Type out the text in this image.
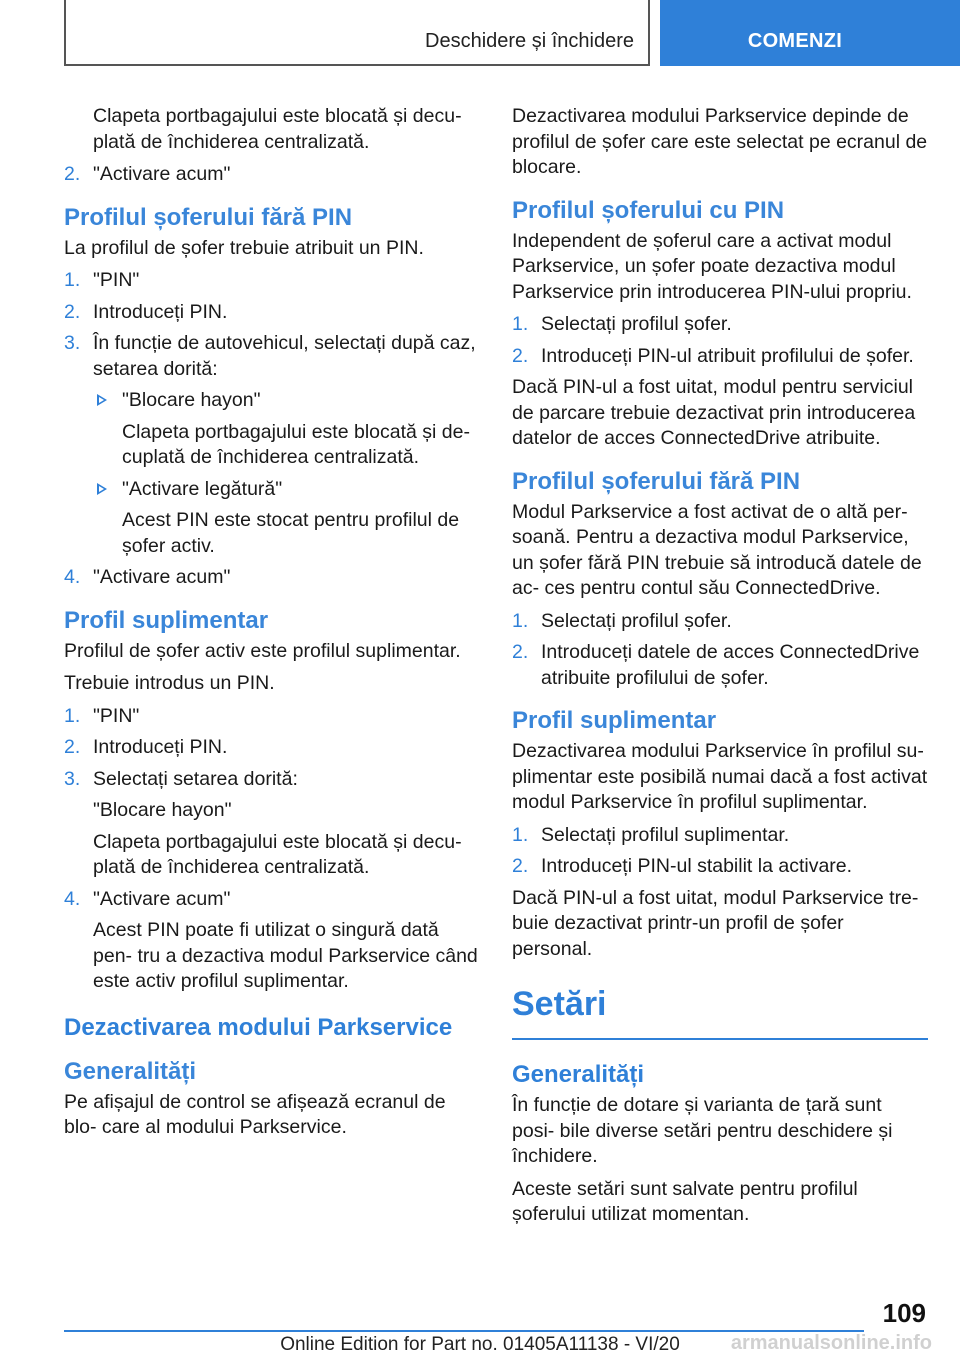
Deschidere și închidere	COMENZI

Clapeta portbagajului este blocată și decu- plată de închiderea centralizată.

2. "Activare acum"
Profilul șoferului fără PIN

La profilul de șofer trebuie atribuit un PIN.

1. "PIN"
2. Introduceți PIN.
3. În funcție de autovehicul, selectați după caz, setarea dorită:

"Blocare hayon"

Clapeta portbagajului este blocată și de- cuplată de închiderea centralizată.

"Activare legătură"

Acest PIN este stocat pentru profilul de șofer activ.

4. "Activare acum"
Profil suplimentar

Profilul de șofer activ este profilul suplimentar.

Trebuie introdus un PIN.

1. "PIN"
2. Introduceți PIN.
3. Selectați setarea dorită:

"Blocare hayon"

Clapeta portbagajului este blocată și decu- plată de închiderea centralizată.

4. "Activare acum"

Acest PIN poate fi utilizat o singură dată pen- tru a dezactiva modul Parkservice când este activ profilul suplimentar.

Dezactivarea modului Parkservice
Generalități

Pe afișajul de control se afișează ecranul de blo- care al modului Parkservice.

Dezactivarea modului Parkservice depinde de profilul de șofer care este selectat pe ecranul de blocare.

Profilul șoferului cu PIN

Independent de șoferul care a activat modul Parkservice, un șofer poate dezactiva modul Parkservice prin introducerea PIN-ului propriu.

1. Selectați profilul șofer.
2. Introduceți PIN-ul atribuit profilului de șofer.

Dacă PIN-ul a fost uitat, modul pentru serviciul de parcare trebuie dezactivat prin introducerea datelor de acces ConnectedDrive atribuite.

Profilul șoferului fără PIN

Modul Parkservice a fost activat de o altă per- soană. Pentru a dezactiva modul Parkservice, un șofer fără PIN trebuie să introducă datele de ac- ces pentru contul său ConnectedDrive.

1. Selectați profilul șofer.
2. Introduceți datele de acces ConnectedDrive atribuite profilului de șofer.

Profil suplimentar

Dezactivarea modului Parkservice în profilul su- plimentar este posibilă numai dacă a fost activat modul Parkservice în profilul suplimentar.

1. Selectați profilul suplimentar.
2. Introduceți PIN-ul stabilit la activare.

Dacă PIN-ul a fost uitat, modul Parkservice tre- buie dezactivat printr-un profil de șofer personal.

Setări
Generalități

În funcție de dotare și varianta de țară sunt posi- bile diverse setări pentru deschidere și închidere.

Aceste setări sunt salvate pentru profilul șoferului utilizat momentan.

109
Online Edition for Part no. 01405A11138 - VI/20	armanualsonline.info
